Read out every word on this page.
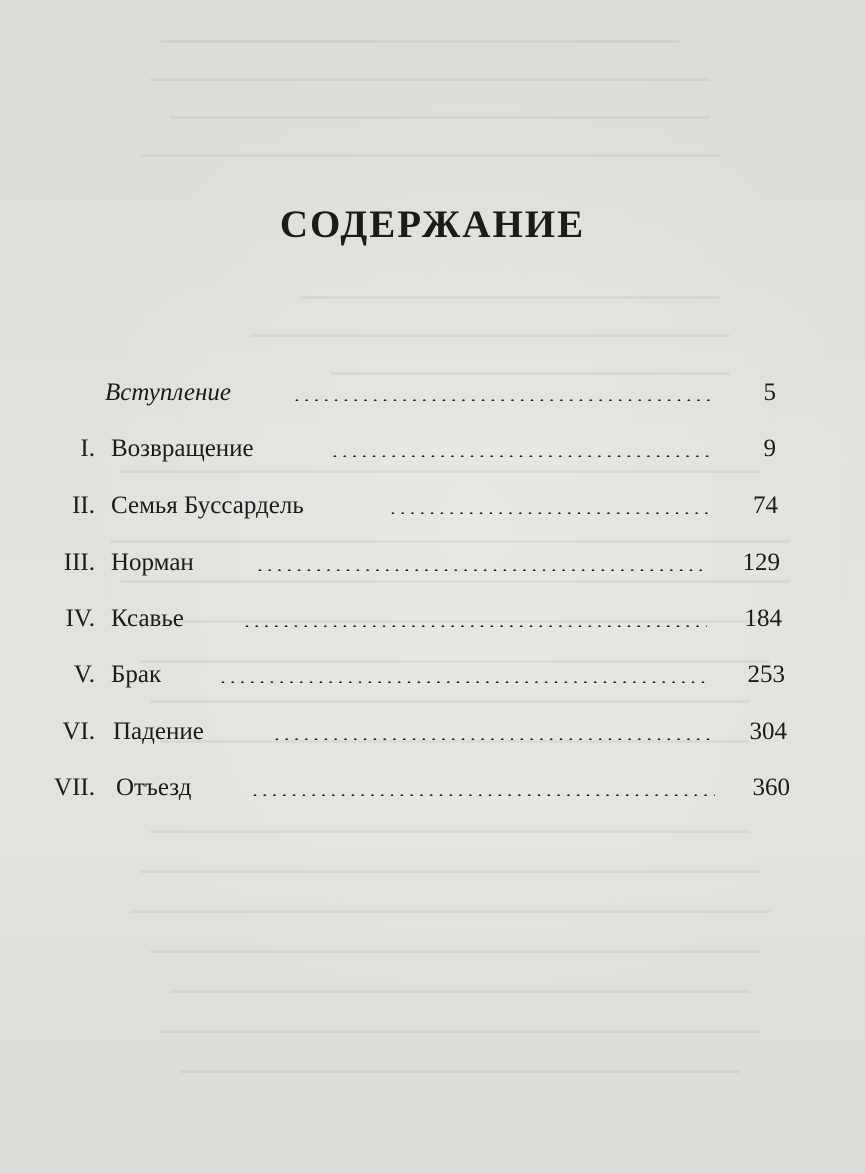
СОДЕРЖАНИЕ
Вступление	5
I. Возвращение	9
II. Семья Буссардель	74
III. Норман	129
IV. Ксавье	184
V. Брак	253
VI. Падение	304
VII. Отъезд	360
